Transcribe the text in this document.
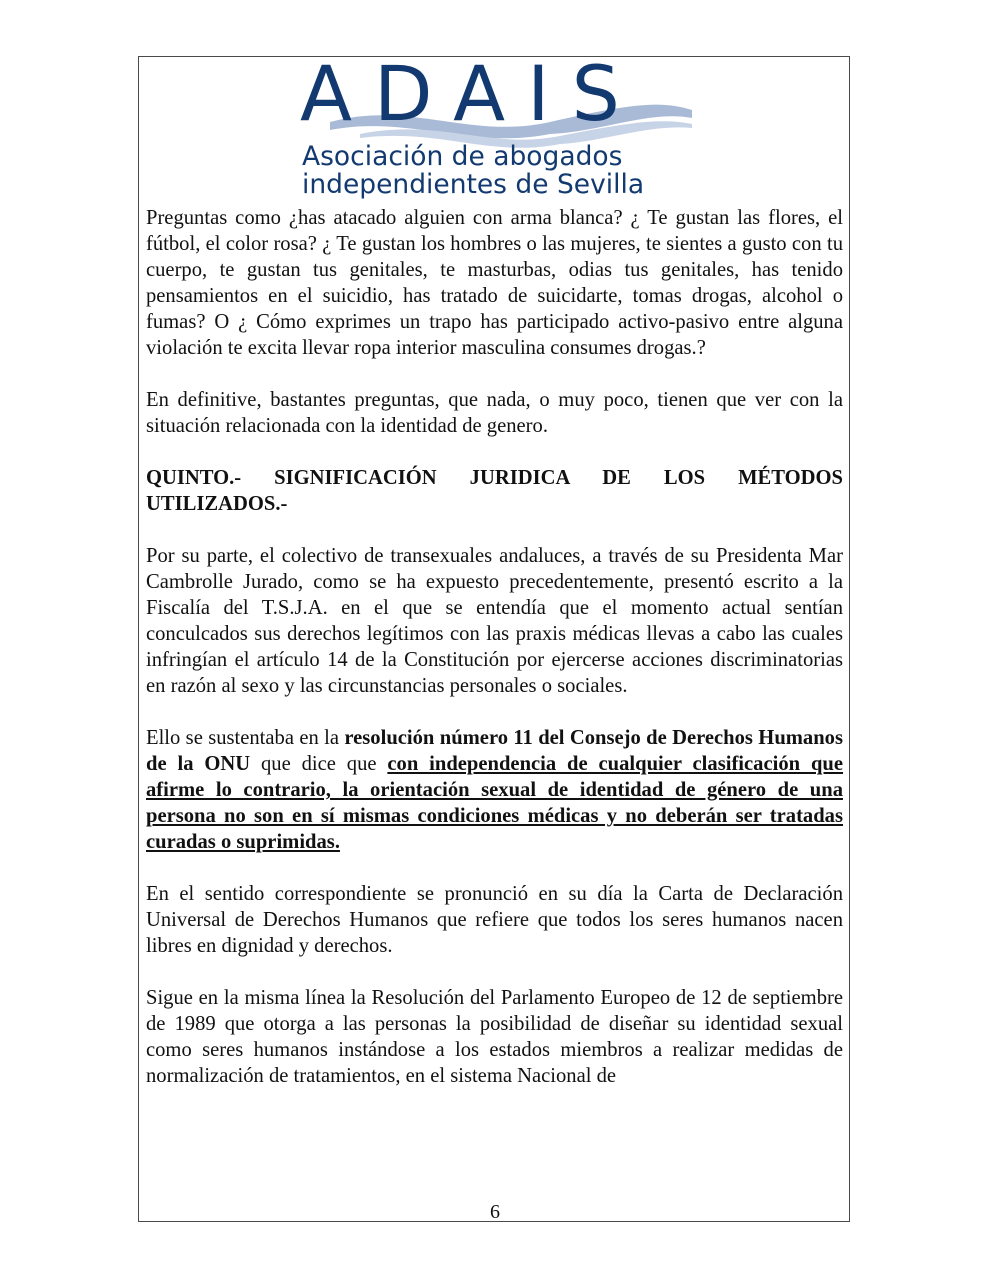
ADAIS
Asociación de abogados
independientes de Sevilla

Preguntas como ¿has atacado alguien con arma blanca? ¿ Te gustan las flores, el fútbol, el color rosa? ¿ Te gustan los hombres o las mujeres, te sientes a gusto con tu cuerpo, te gustan tus genitales, te masturbas, odias tus genitales, has tenido pensamientos en el suicidio, has tratado de suicidarte, tomas drogas, alcohol o fumas? O ¿ Cómo exprimes un trapo has participado activo-pasivo entre alguna violación te excita llevar ropa interior masculina consumes drogas.?

En definitive, bastantes preguntas, que nada, o muy poco, tienen que ver con la situación relacionada con la identidad de genero.

QUINTO.- SIGNIFICACIÓN JURIDICA DE LOS MÉTODOS UTILIZADOS.-

Por su parte, el colectivo de transexuales andaluces, a través de su Presidenta Mar Cambrolle Jurado, como se ha expuesto precedentemente, presentó escrito a la Fiscalía del T.S.J.A. en el que se entendía que el momento actual sentían conculcados sus derechos legítimos con las praxis médicas llevas a cabo las cuales infringían el artículo 14 de la Constitución por ejercerse acciones discriminatorias en razón al sexo y las circunstancias personales o sociales.

Ello se sustentaba en la resolución número 11 del Consejo de Derechos Humanos de la ONU que dice que con independencia de cualquier clasificación que afirme lo contrario, la orientación sexual de identidad de género de una persona no son en sí mismas condiciones médicas y no deberán ser tratadas curadas o suprimidas.

En el sentido correspondiente se pronunció en su día la Carta de Declaración Universal de Derechos Humanos que refiere que todos los seres humanos nacen libres en dignidad y derechos.

Sigue en la misma línea la Resolución del Parlamento Europeo de 12 de septiembre de 1989 que otorga a las personas la posibilidad de diseñar su identidad sexual como seres humanos instándose a los estados miembros a realizar medidas de normalización de tratamientos, en el sistema Nacional de

6
